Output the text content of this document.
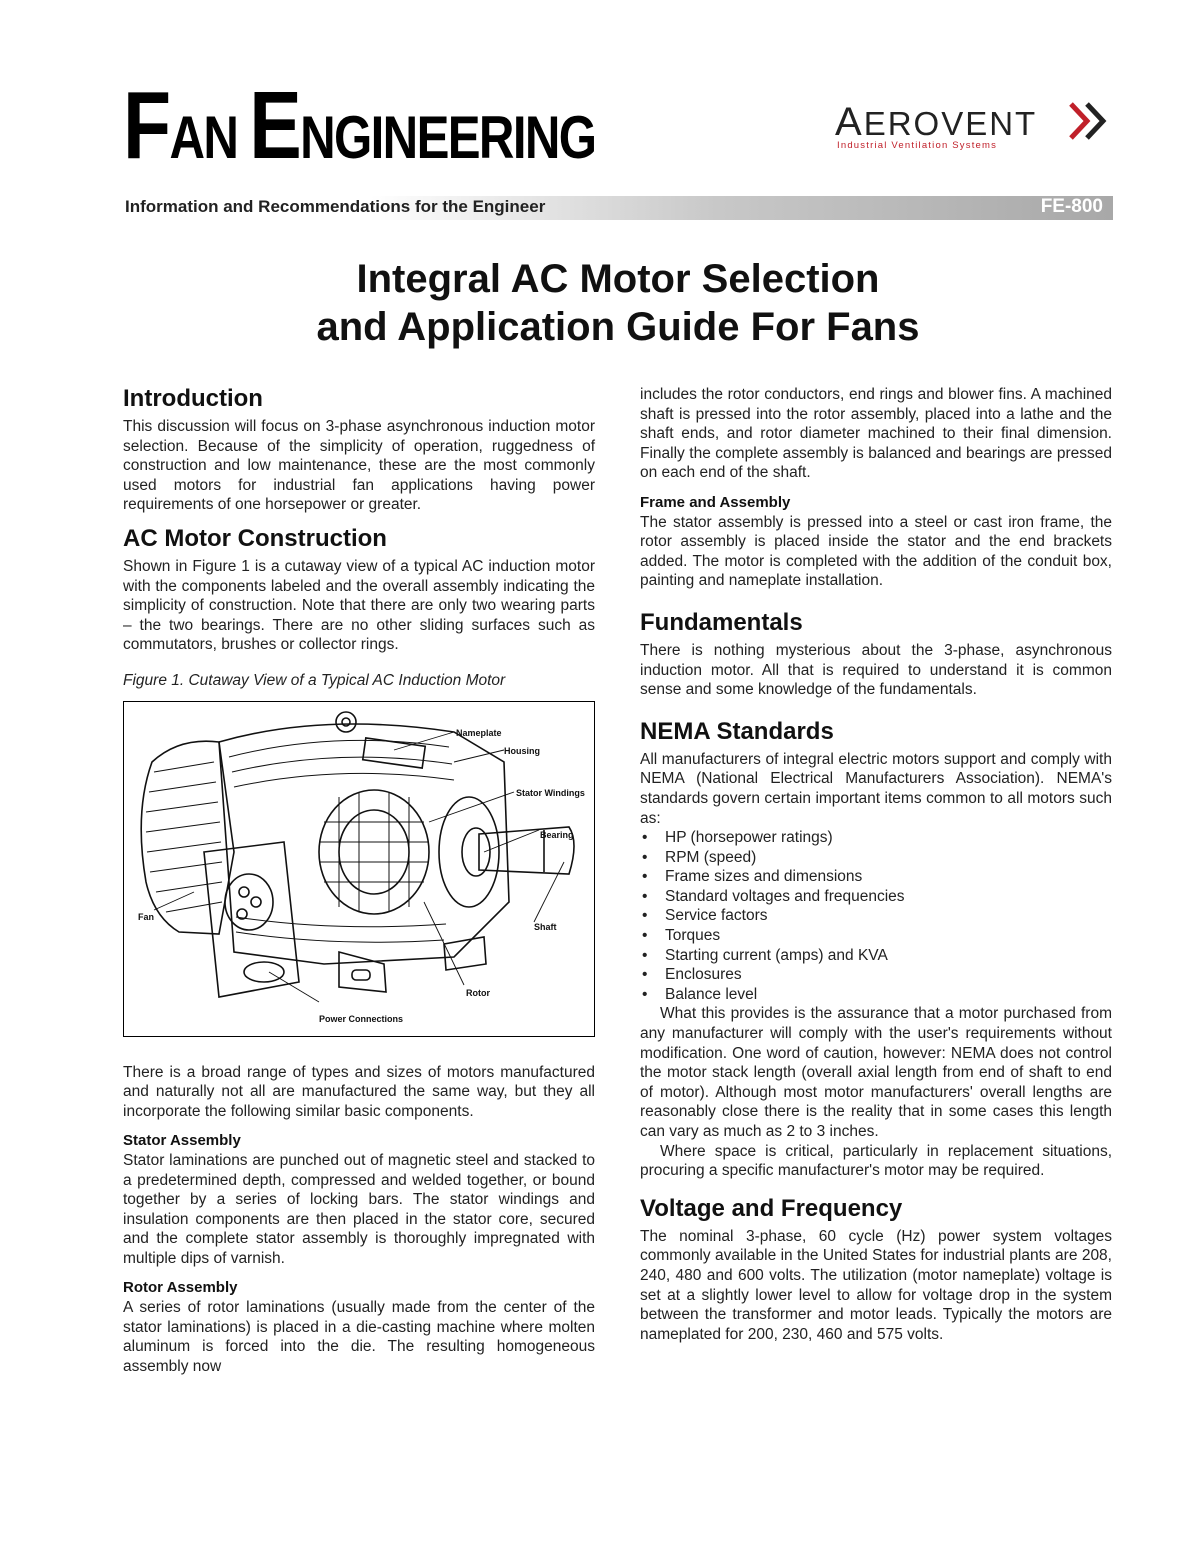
FAN ENGINEERING	AEROVENT
Industrial Ventilation Systems
Information and Recommendations for the Engineer	FE-800
Integral AC Motor Selection
and Application Guide For Fans
Introduction

This discussion will focus on 3-phase asynchronous induction motor selection. Because of the simplicity of operation, ruggedness of construction and low maintenance, these are the most commonly used motors for industrial fan applications having power requirements of one horsepower or greater.

AC Motor Construction

Shown in Figure 1 is a cutaway view of a typical AC induction motor with the components labeled and the overall assembly indicating the simplicity of construction. Note that there are only two wearing parts – the two bearings. There are no other sliding surfaces such as commutators, brushes or collector rings.

Figure 1. Cutaway View of a Typical AC Induction Motor

Nameplate
Housing
Stator Windings
Bearing
Shaft
Rotor
Fan
Power Connections

There is a broad range of types and sizes of motors manufactured and naturally not all are manufactured the same way, but they all incorporate the following similar basic components.

Stator Assembly

Stator laminations are punched out of magnetic steel and stacked to a predetermined depth, compressed and welded together, or bound together by a series of locking bars. The stator windings and insulation components are then placed in the stator core, secured and the complete stator assembly is thoroughly impregnated with multiple dips of varnish.

Rotor Assembly

A series of rotor laminations (usually made from the center of the stator laminations) is placed in a die-casting machine where molten aluminum is forced into the die. The resulting homogeneous assembly now

includes the rotor conductors, end rings and blower fins. A machined shaft is pressed into the rotor assembly, placed into a lathe and the shaft ends, and rotor diameter machined to their final dimension. Finally the complete assembly is balanced and bearings are pressed on each end of the shaft.

Frame and Assembly

The stator assembly is pressed into a steel or cast iron frame, the rotor assembly is placed inside the stator and the end brackets added. The motor is completed with the addition of the conduit box, painting and nameplate installation.

Fundamentals

There is nothing mysterious about the 3-phase, asynchronous induction motor. All that is required to understand it is common sense and some knowledge of the fundamentals.

NEMA Standards

All manufacturers of integral electric motors support and comply with NEMA (National Electrical Manufacturers Association). NEMA's standards govern certain important items common to all motors such as:

• HP (horsepower ratings)
• RPM (speed)
• Frame sizes and dimensions
• Standard voltages and frequencies
• Service factors
• Torques
• Starting current (amps) and KVA
• Enclosures
• Balance level

What this provides is the assurance that a motor purchased from any manufacturer will comply with the user's requirements without modification. One word of caution, however: NEMA does not control the motor stack length (overall axial length from end of shaft to end of motor). Although most motor manufacturers' overall lengths are reasonably close there is the reality that in some cases this length can vary as much as 2 to 3 inches.

Where space is critical, particularly in replacement situations, procuring a specific manufacturer's motor may be required.

Voltage and Frequency

The nominal 3-phase, 60 cycle (Hz) power system voltages commonly available in the United States for industrial plants are 208, 240, 480 and 600 volts. The utilization (motor nameplate) voltage is set at a slightly lower level to allow for voltage drop in the system between the transformer and motor leads. Typically the motors are nameplated for 200, 230, 460 and 575 volts.
